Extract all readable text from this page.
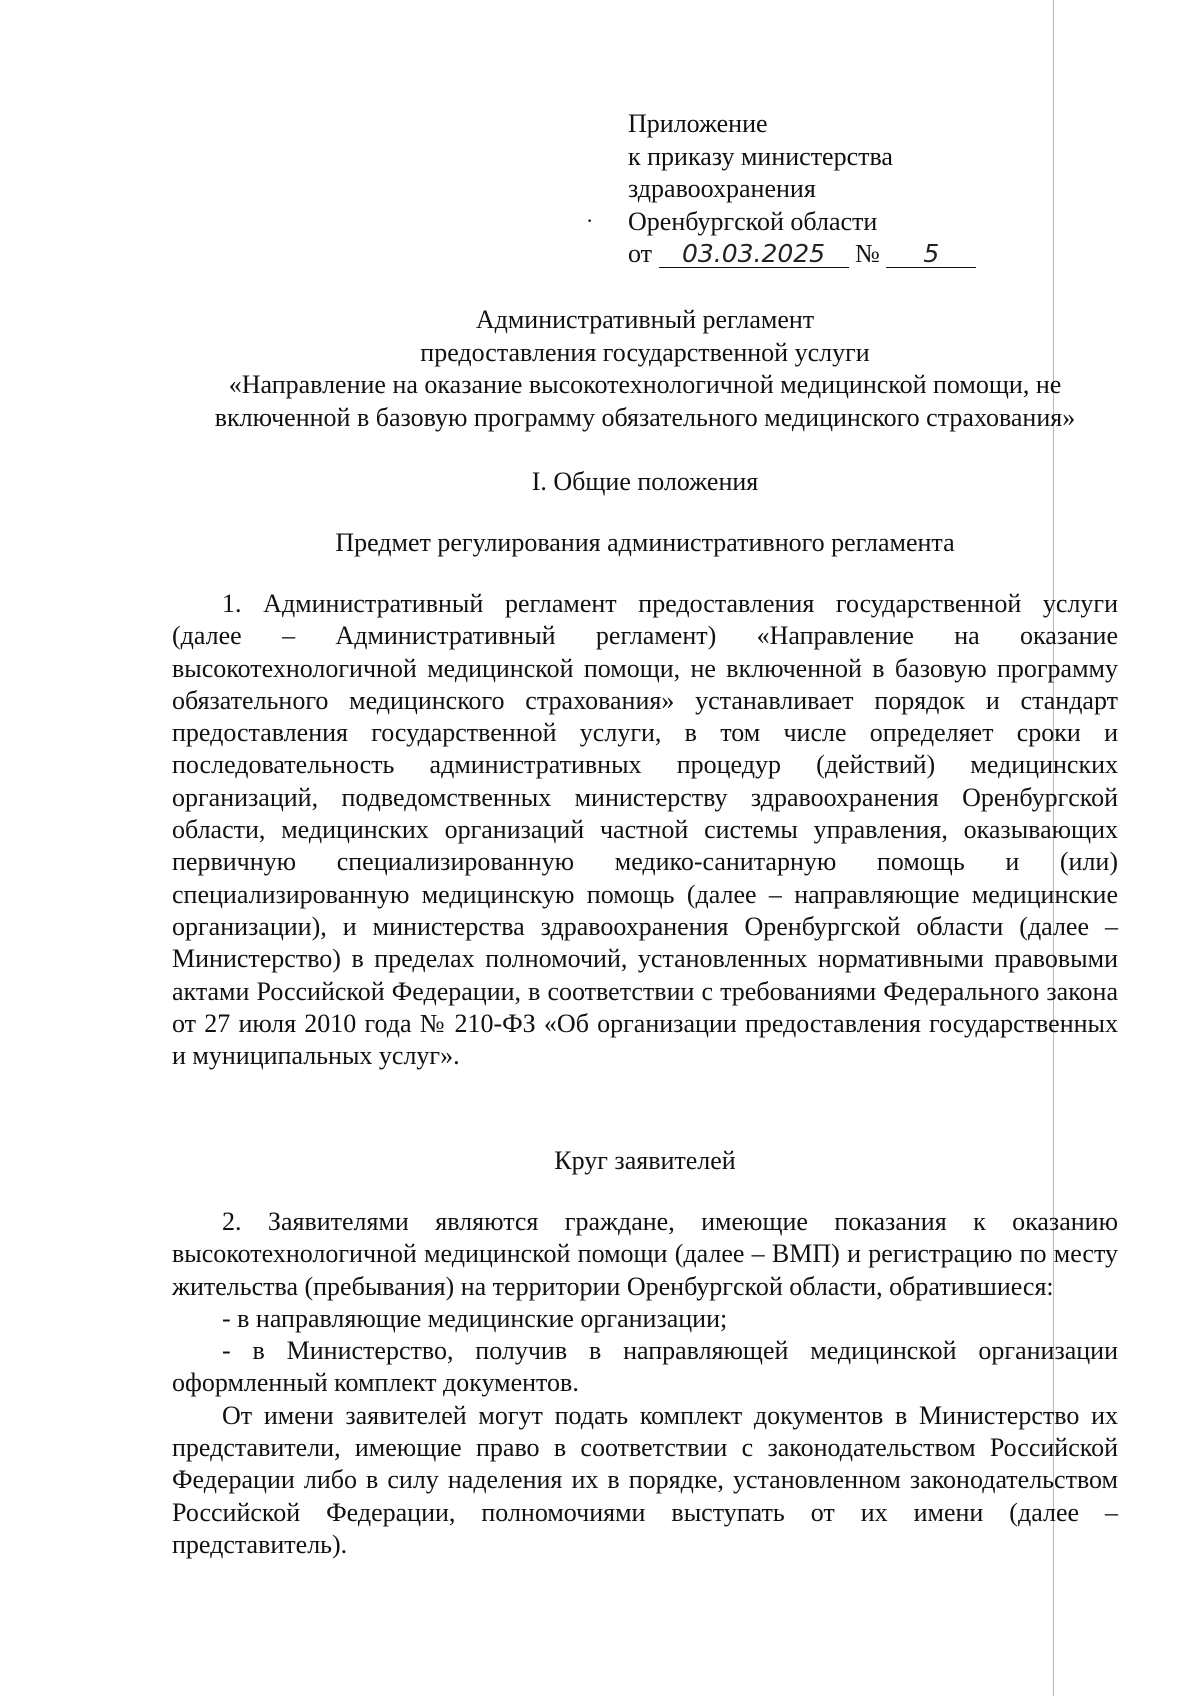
·
Приложение
к приказу министерства
здравоохранения
Оренбургской области
от 03.03.2025 № 5
Административный регламент
предоставления государственной услуги
«Направление на оказание высокотехнологичной медицинской помощи, не
включенной в базовую программу обязательного медицинского страхования»
I. Общие положения
Предмет регулирования административного регламента

1. Административный регламент предоставления государственной услуги (далее – Административный регламент) «Направление на оказание высокотехнологичной медицинской помощи, не включенной в базовую программу обязательного медицинского страхования» устанавливает порядок и стандарт предоставления государственной услуги, в том числе определяет сроки и последовательность административных процедур (действий) медицинских организаций, подведомственных министерству здравоохранения Оренбургской области, медицинских организаций частной системы управления, оказывающих первичную специализированную медико-санитарную помощь и (или) специализированную медицинскую помощь (далее – направляющие медицинские организации), и министерства здравоохранения Оренбургской области (далее – Министерство) в пределах полномочий, установленных нормативными правовыми актами Российской Федерации, в соответствии с требованиями Федерального закона от 27 июля 2010 года № 210-ФЗ «Об организации предоставления государственных и муниципальных услуг».

Круг заявителей

2. Заявителями являются граждане, имеющие показания к оказанию высокотехнологичной медицинской помощи (далее – ВМП) и регистрацию по месту жительства (пребывания) на территории Оренбургской области, обратившиеся:

- в направляющие медицинские организации;

- в Министерство, получив в направляющей медицинской организации оформленный комплект документов.

От имени заявителей могут подать комплект документов в Министерство их представители, имеющие право в соответствии с законодательством Российской Федерации либо в силу наделения их в порядке, установленном законодательством Российской Федерации, полномочиями выступать от их имени (далее – представитель).
